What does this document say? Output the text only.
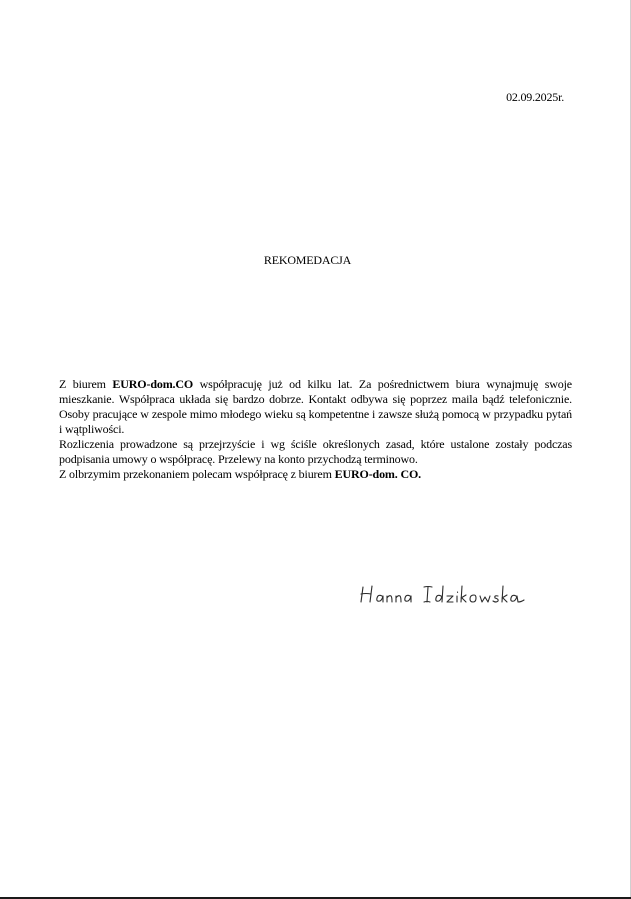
02.09.2025r.
REKOMEDACJA

Z biurem EURO-dom.CO współpracuję już od kilku lat. Za pośrednictwem biura wynajmuję swoje mieszkanie. Współpraca układa się bardzo dobrze. Kontakt odbywa się poprzez maila bądź telefonicznie. Osoby pracujące w zespole mimo młodego wieku są kompetentne i zawsze służą pomocą w przypadku pytań i wątpliwości.

Rozliczenia prowadzone są przejrzyście i wg ściśle określonych zasad, które ustalone zostały podczas podpisania umowy o współpracę. Przelewy na konto przychodzą terminowo.

Z olbrzymim przekonaniem polecam współpracę z biurem EURO-dom. CO.
